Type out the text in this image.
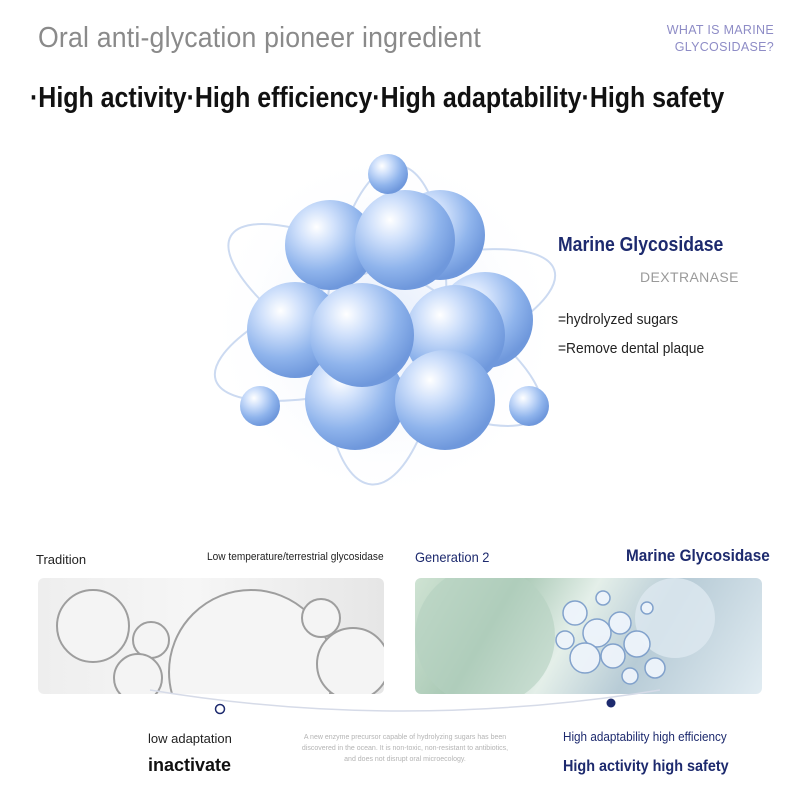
Oral anti-glycation pioneer ingredient	WHAT IS MARINE
GLYCOSIDASE?
·High activity·High efficiency·High adaptability·High safety
Marine Glycosidase
DEXTRANASE
=hydrolyzed sugars
=Remove dental plaque
Tradition	Low temperature/terrestrial glycosidase Generation 2	Marine Glycosidase
A new enzyme precursor capable of hydrolyzing sugars has been
discovered in the ocean. It is non-toxic, non-resistant to antibiotics,
and does not disrupt oral microecology.
low adaptation
inactivate
High adaptability high efficiency
High activity high safety
